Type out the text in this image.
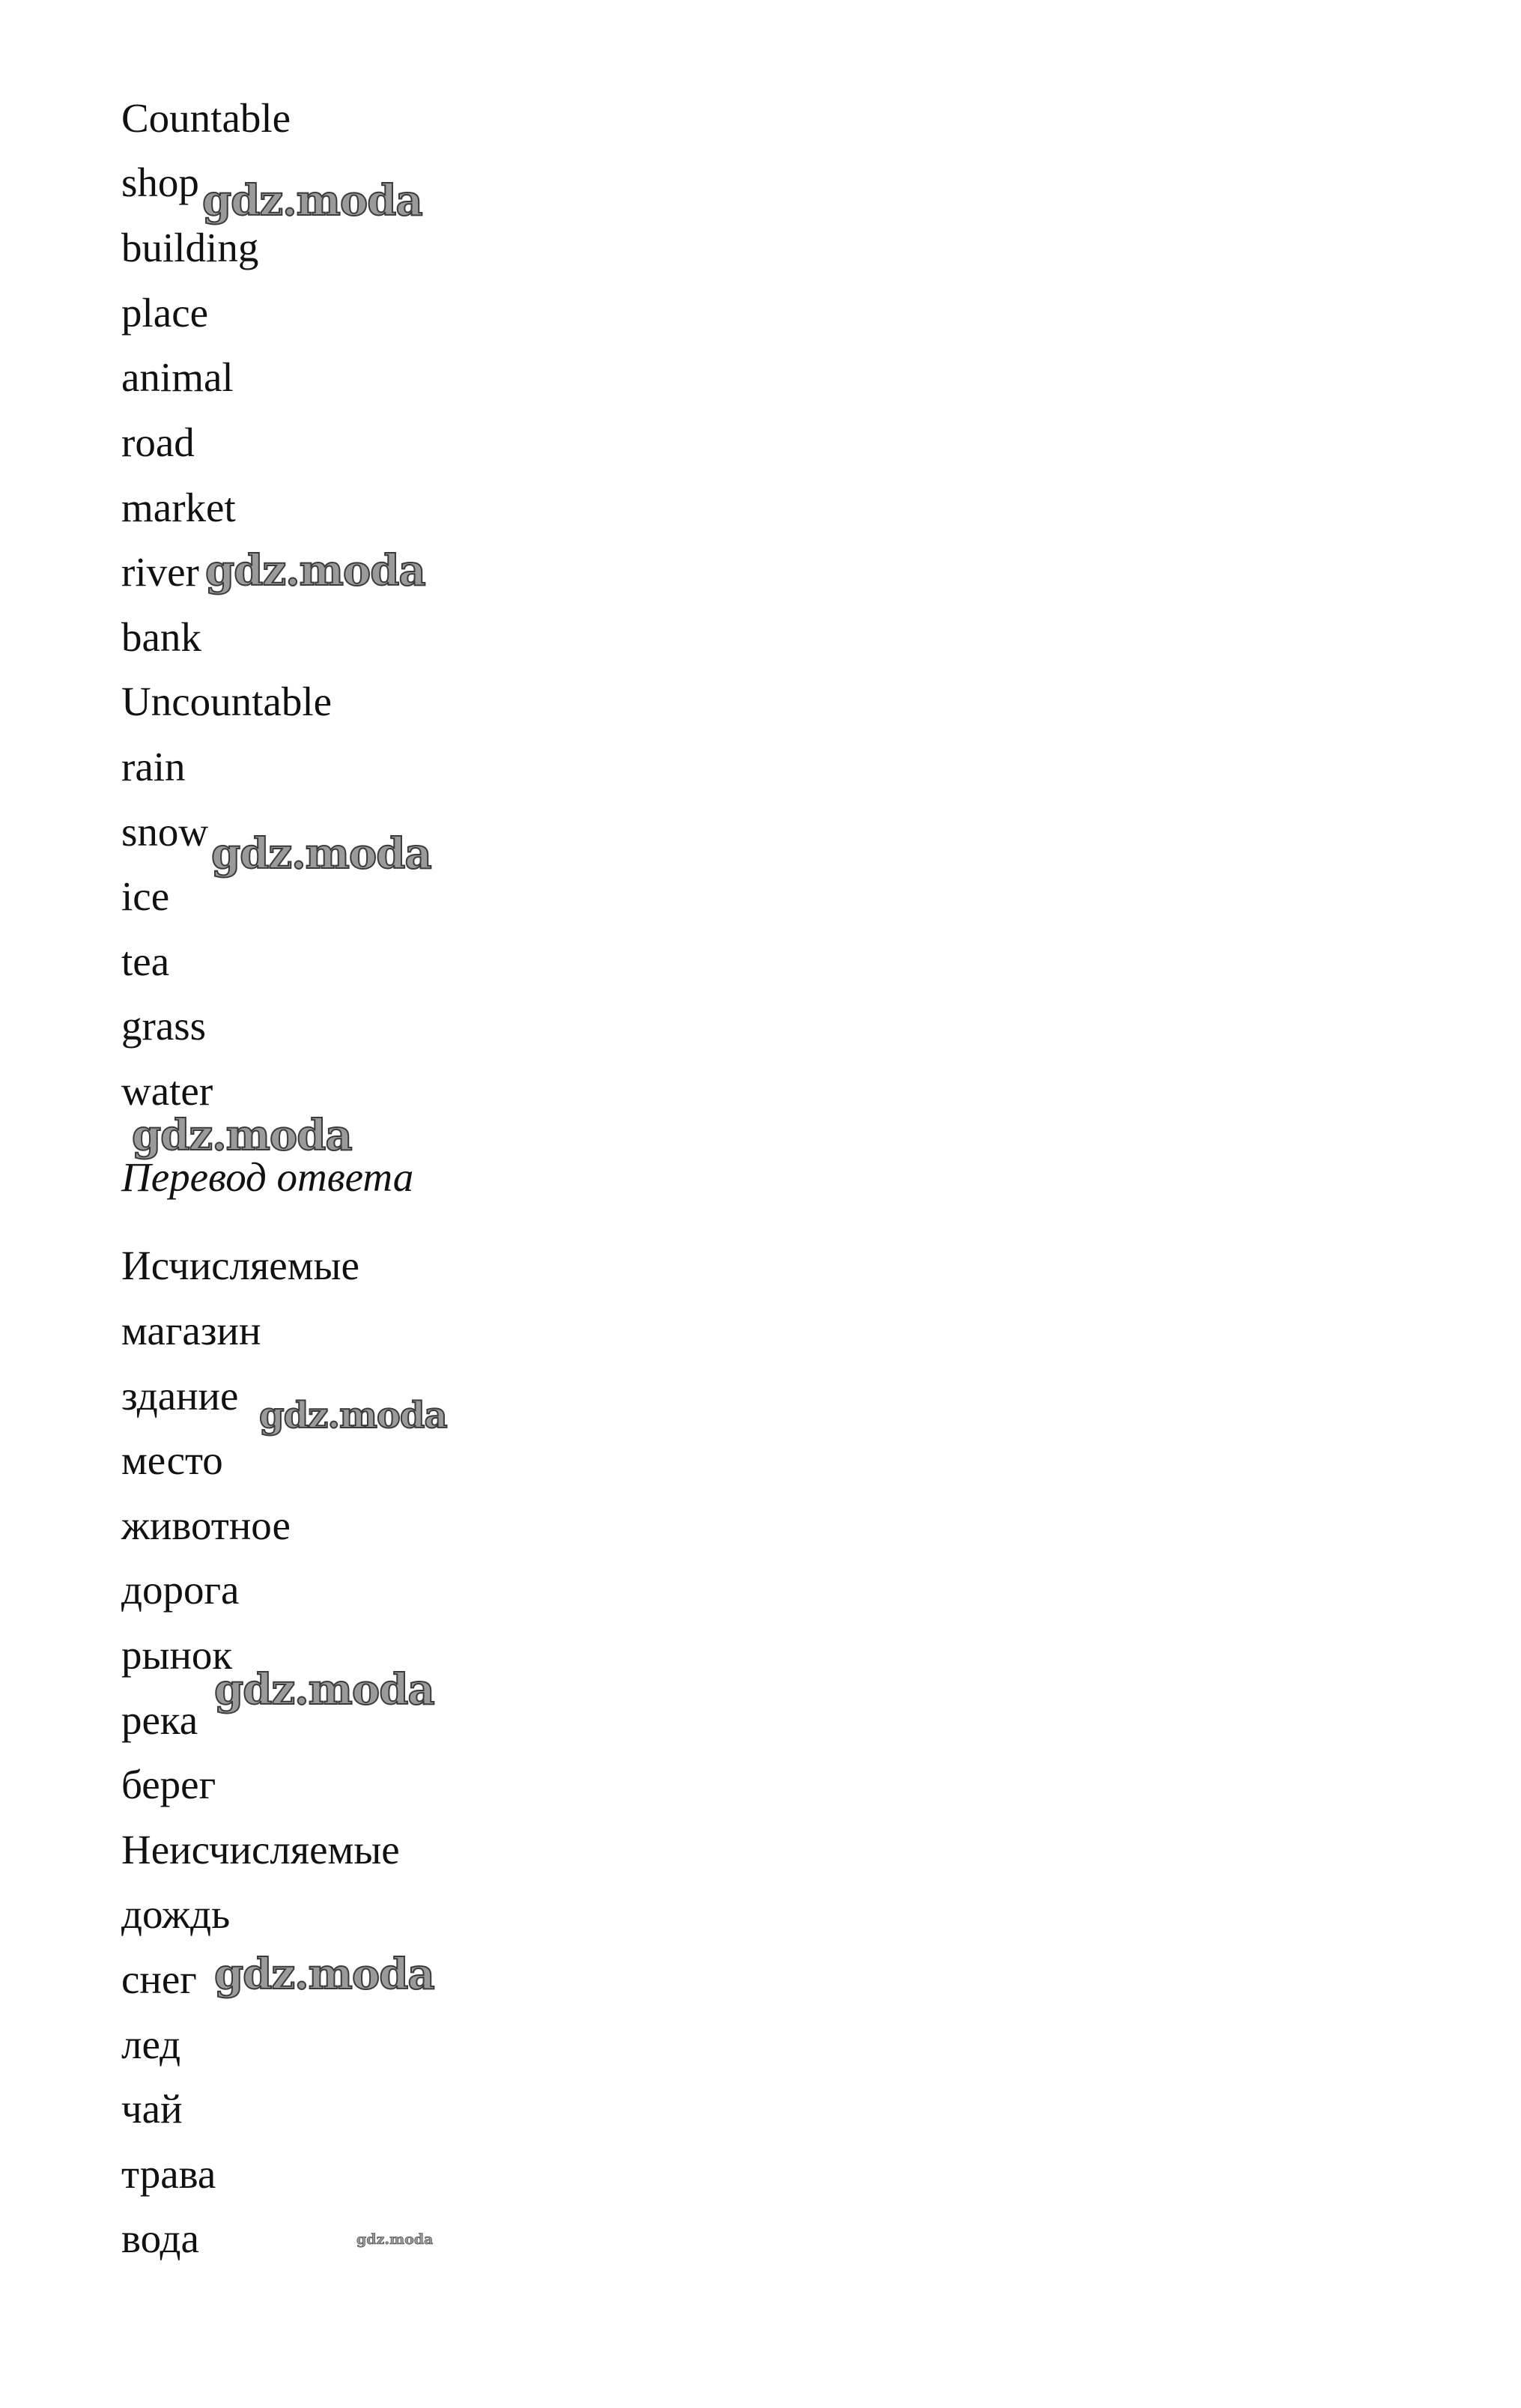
Countable
shop
building
place
animal
road
market
river
bank
Uncountable
rain
snow
ice
tea
grass
water
Перевод ответа
Исчисляемые
магазин
здание
место
животное
дорога
рынок
река
берег
Неисчисляемые
дождь
снег
лед
чай
трава
вода
gdz.moda
gdz.moda
gdz.moda
gdz.moda
gdz.moda
gdz.moda
gdz.moda
gdz.moda
